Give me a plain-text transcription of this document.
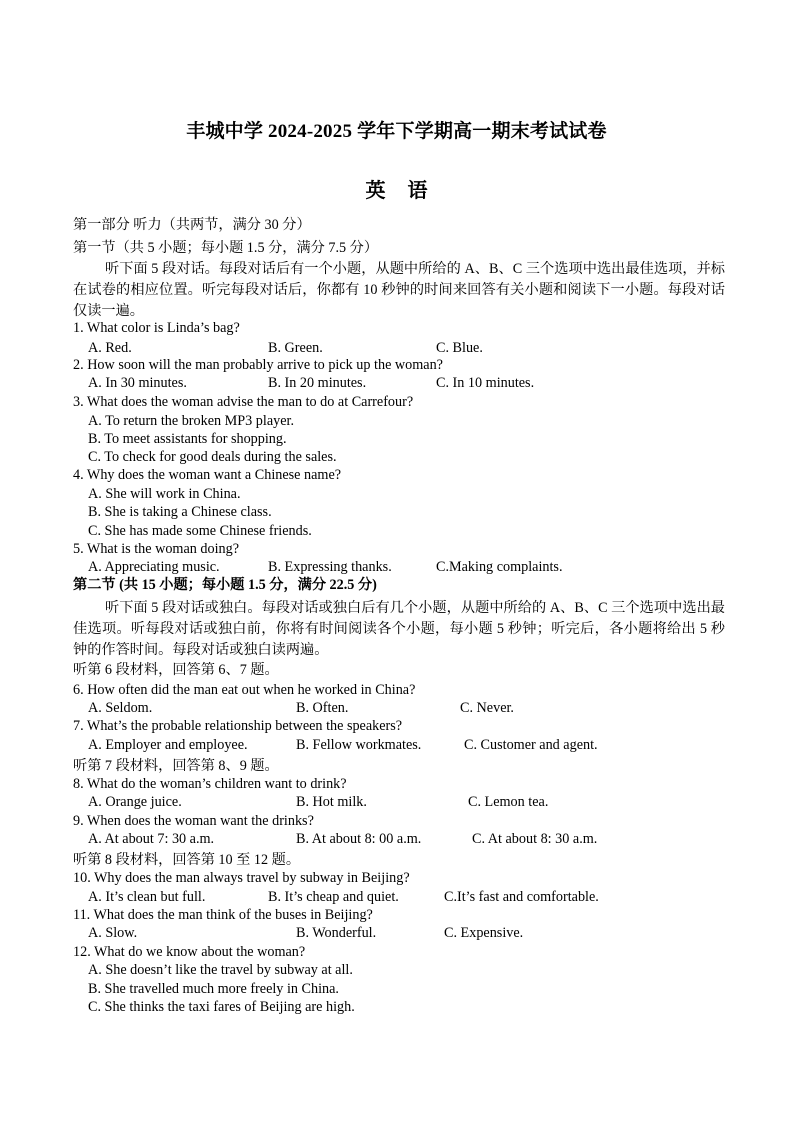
丰城中学 2024-2025 学年下学期高一期末考试试卷
英语
第一部分 听力（共两节，满分 30 分）
第一节（共 5 小题；每小题 1.5 分，满分 7.5 分）
听下面 5 段对话。每段对话后有一个小题，从题中所给的 A、B、C 三个选项中选出最佳选项，并标在试卷的相应位置。听完每段对话后，你都有 10 秒钟的时间来回答有关小题和阅读下一小题。每段对话仅读一遍。
1. What color is Linda’s bag?
A. Red.	B. Green.	C. Blue.
2. How soon will the man probably arrive to pick up the woman?
A. In 30 minutes.	B. In 20 minutes.	C. In 10 minutes.
3. What does the woman advise the man to do at Carrefour?
A. To return the broken MP3 player.
B. To meet assistants for shopping.
C. To check for good deals during the sales.
4. Why does the woman want a Chinese name?
A. She will work in China.
B. She is taking a Chinese class.
C. She has made some Chinese friends.
5. What is the woman doing?
A. Appreciating music.	B. Expressing thanks.	C.Making complaints.
第二节 (共 15 小题；每小题 1.5 分，满分 22.5 分)
听下面 5 段对话或独白。每段对话或独白后有几个小题，从题中所给的 A、B、C 三个选项中选出最佳选项。听每段对话或独白前，你将有时间阅读各个小题，每小题 5 秒钟；听完后，各小题将给出 5 秒钟的作答时间。每段对话或独白读两遍。
听第 6 段材料，回答第 6、7 题。
6. How often did the man eat out when he worked in China?
A. Seldom.	B. Often.	C. Never.
7. What’s the probable relationship between the speakers?
A. Employer and employee.	B. Fellow workmates.	C. Customer and agent.
听第 7 段材料，回答第 8、9 题。
8. What do the woman’s children want to drink?
A. Orange juice.	B. Hot milk.	C. Lemon tea.
9. When does the woman want the drinks?
A. At about 7: 30 a.m.	B. At about 8: 00 a.m.	C. At about 8: 30 a.m.
听第 8 段材料，回答第 10 至 12 题。
10. Why does the man always travel by subway in Beijing?
A. It’s clean but full.	B. It’s cheap and quiet.	C.It’s fast and comfortable.
11. What does the man think of the buses in Beijing?
A. Slow.	B. Wonderful.	C. Expensive.
12. What do we know about the woman?
A. She doesn’t like the travel by subway at all.
B. She travelled much more freely in China.
C. She thinks the taxi fares of Beijing are high.
